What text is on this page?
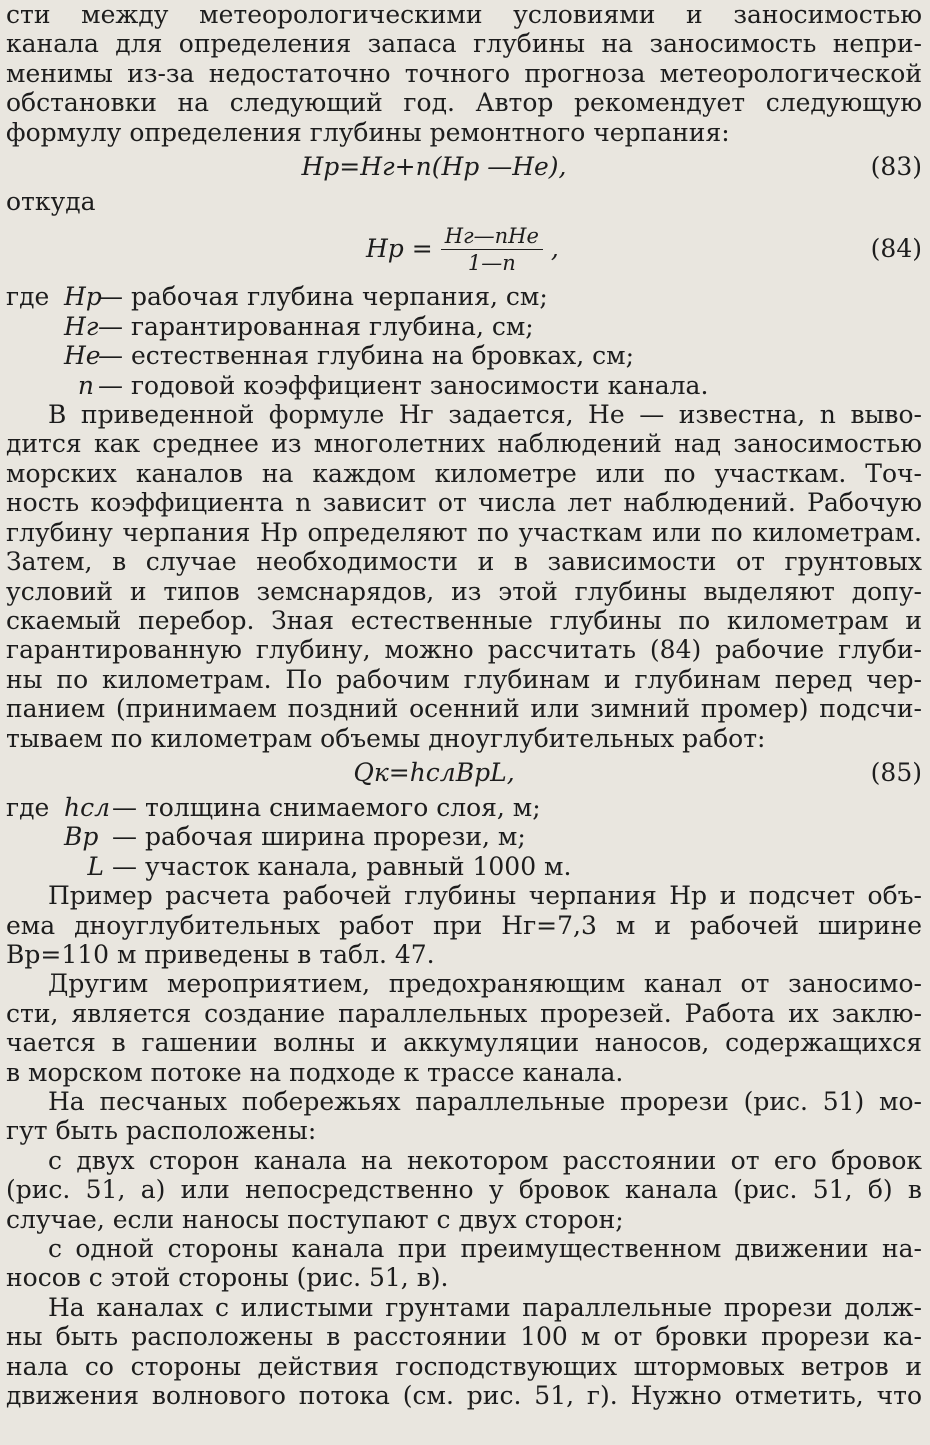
сти между метеорологическими условиями и заносимостью
канала для определения запаса глубины на заносимость непри-
менимы из-за недостаточно точного прогноза метеорологической
обстановки на следующий год. Автор рекомендует следующую
формулу определения глубины ремонтного черпания:
Hр=Hг+n(Hр —Hе),	(83)
откуда
Hр = $\frac{\text{Hг—nHе}}{1—n}$ ,	(84)
где Hр— рабочая глубина черпания, см;
Hг— гарантированная глубина, см;
Hе— естественная глубина на бровках, см;
n — годовой коэффициент заносимости канала.
В приведенной формуле Hг задается, Hе — известна, n выво-
дится как среднее из многолетних наблюдений над заносимостью
морских каналов на каждом километре или по участкам. Точ-
ность коэффициента n зависит от числа лет наблюдений. Рабочую
глубину черпания Hр определяют по участкам или по километрам.
Затем, в случае необходимости и в зависимости от грунтовых
условий и типов земснарядов, из этой глубины выделяют допу-
скаемый перебор. Зная естественные глубины по километрам и
гарантированную глубину, можно рассчитать (84) рабочие глуби-
ны по километрам. По рабочим глубинам и глубинам перед чер-
панием (принимаем поздний осенний или зимний промер) подсчи-
тываем по километрам объемы дноуглубительных работ:
Qк=hслBрL,	(85)
где hсл— толщина снимаемого слоя, м;
Bр — рабочая ширина прорези, м;
L — участок канала, равный 1000 м.
Пример расчета рабочей глубины черпания Hр и подсчет объ-
ема дноуглубительных работ при Hг=7,3 м и рабочей ширине
Bр=110 м приведены в табл. 47.
Другим мероприятием, предохраняющим канал от заносимо-
сти, является создание параллельных прорезей. Работа их заклю-
чается в гашении волны и аккумуляции наносов, содержащихся
в морском потоке на подходе к трассе канала.
На песчаных побережьях параллельные прорези (рис. 51) мо-
гут быть расположены:
с двух сторон канала на некотором расстоянии от его бровок
(рис. 51, а) или непосредственно у бровок канала (рис. 51, б) в
случае, если наносы поступают с двух сторон;
с одной стороны канала при преимущественном движении на-
носов с этой стороны (рис. 51, в).
На каналах с илистыми грунтами параллельные прорези долж-
ны быть расположены в расстоянии 100 м от бровки прорези ка-
нала со стороны действия господствующих штормовых ветров и
движения волнового потока (см. рис. 51, г). Нужно отметить, что
